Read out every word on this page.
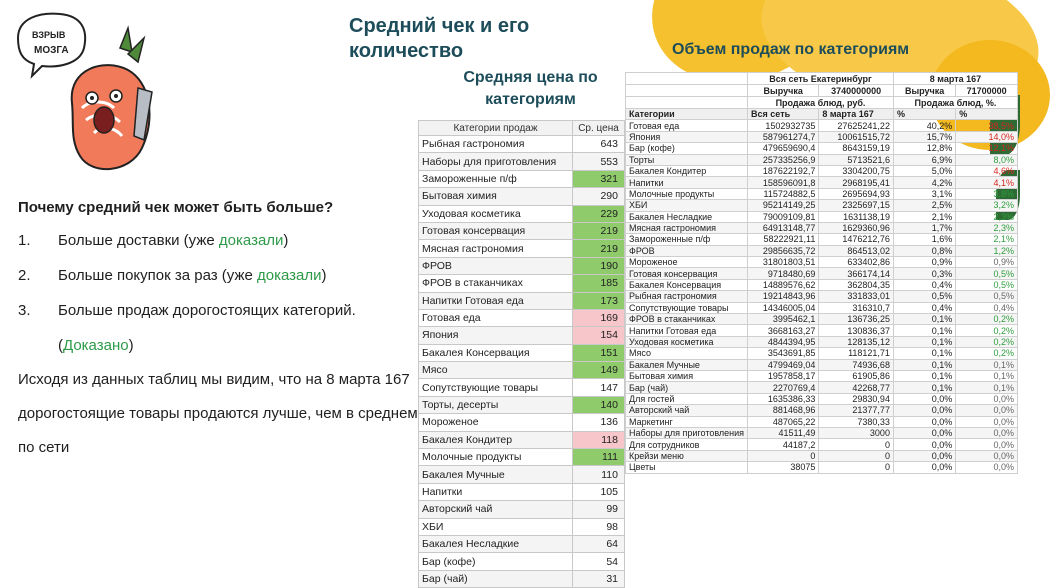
ВЗРЫВ
МОЗГА
Средний чек и его количество
Средняя цена по категориям
Объем продаж по категориям
Почему средний чек может быть больше?
1.	Больше доставки (уже доказали)
2.	Больше покупок за раз (уже доказали)
3.	Больше продаж дорогостоящих категорий. (Доказано)
Исходя из данных таблиц мы видим, что на 8 марта 167 дорогостоящие товары продаются лучше, чем в среднем по сети
Категории продаж	Ср. цена
Рыбная гастрономия	643
Наборы для приготовления	553
Замороженные п/ф	321
Бытовая химия	290
Уходовая косметика	229
Готовая консервация	219
Мясная гастрономия	219
ФРОВ	190
ФРОВ в стаканчиках	185
Напитки Готовая еда	173
Готовая еда	169
Япония	154
Бакалея Консервация	151
Мясо	149
Сопутствующие товары	147
Торты, десерты	140
Мороженое	136
Бакалея Кондитер	118
Молочные продукты	111
Бакалея Мучные	110
Напитки	105
Авторский чай	99
ХБИ	98
Бакалея Несладкие	64
Бар (кофе)	54
Бар (чай)	31
	Вся сеть Екатеринбург		8 марта 167	
	Выручка	3740000000	Выручка	71700000
	Продажа блюд, руб.		Продажа блюд, %.	
Категории	Вся сеть	8 марта 167	%	%
Готовая еда	1502932735	27625241,22	40,2%	38,5%
Япония	587961274,7	10061515,72	15,7%	14,0%
Бар (кофе)	479659690,4	8643159,19	12,8%	12,1%
Торты	257335256,9	5713521,6	6,9%	8,0%
Бакалея Кондитер	187622192,7	3304200,75	5,0%	4,6%
Напитки	158596091,8	2968195,41	4,2%	4,1%
Молочные продукты	115724882,5	2695694,93	3,1%	3,8%
ХБИ	95214149,25	2325697,15	2,5%	3,2%
Бакалея Несладкие	79009109,81	1631138,19	2,1%	2,3%
Мясная гастрономия	64913148,77	1629360,96	1,7%	2,3%
Замороженные п/ф	58222921,11	1476212,76	1,6%	2,1%
ФРОВ	29856635,72	864513,02	0,8%	1,2%
Мороженое	31801803,51	633402,86	0,9%	0,9%
Готовая консервация	9718480,69	366174,14	0,3%	0,5%
Бакалея Консервация	14889576,62	362804,35	0,4%	0,5%
Рыбная гастрономия	19214843,96	331833,01	0,5%	0,5%
Сопутствующие товары	14346005,04	316310,7	0,4%	0,4%
ФРОВ в стаканчиках	3995462,1	136736,25	0,1%	0,2%
Напитки Готовая еда	3668163,27	130836,37	0,1%	0,2%
Уходовая косметика	4844394,95	128135,12	0,1%	0,2%
Мясо	3543691,85	118121,71	0,1%	0,2%
Бакалея Мучные	4799469,04	74936,68	0,1%	0,1%
Бытовая химия	1957858,17	61905,86	0,1%	0,1%
Бар (чай)	2270769,4	42268,77	0,1%	0,1%
Для гостей	1635386,33	29830,94	0,0%	0,0%
Авторский чай	881468,96	21377,77	0,0%	0,0%
Маркетинг	487065,22	7380,33	0,0%	0,0%
Наборы для приготовления	41511,49	3000	0,0%	0,0%
Для сотрудников	44187,2	0	0,0%	0,0%
Крейзи меню	0	0	0,0%	0,0%
Цветы	38075	0	0,0%	0,0%
